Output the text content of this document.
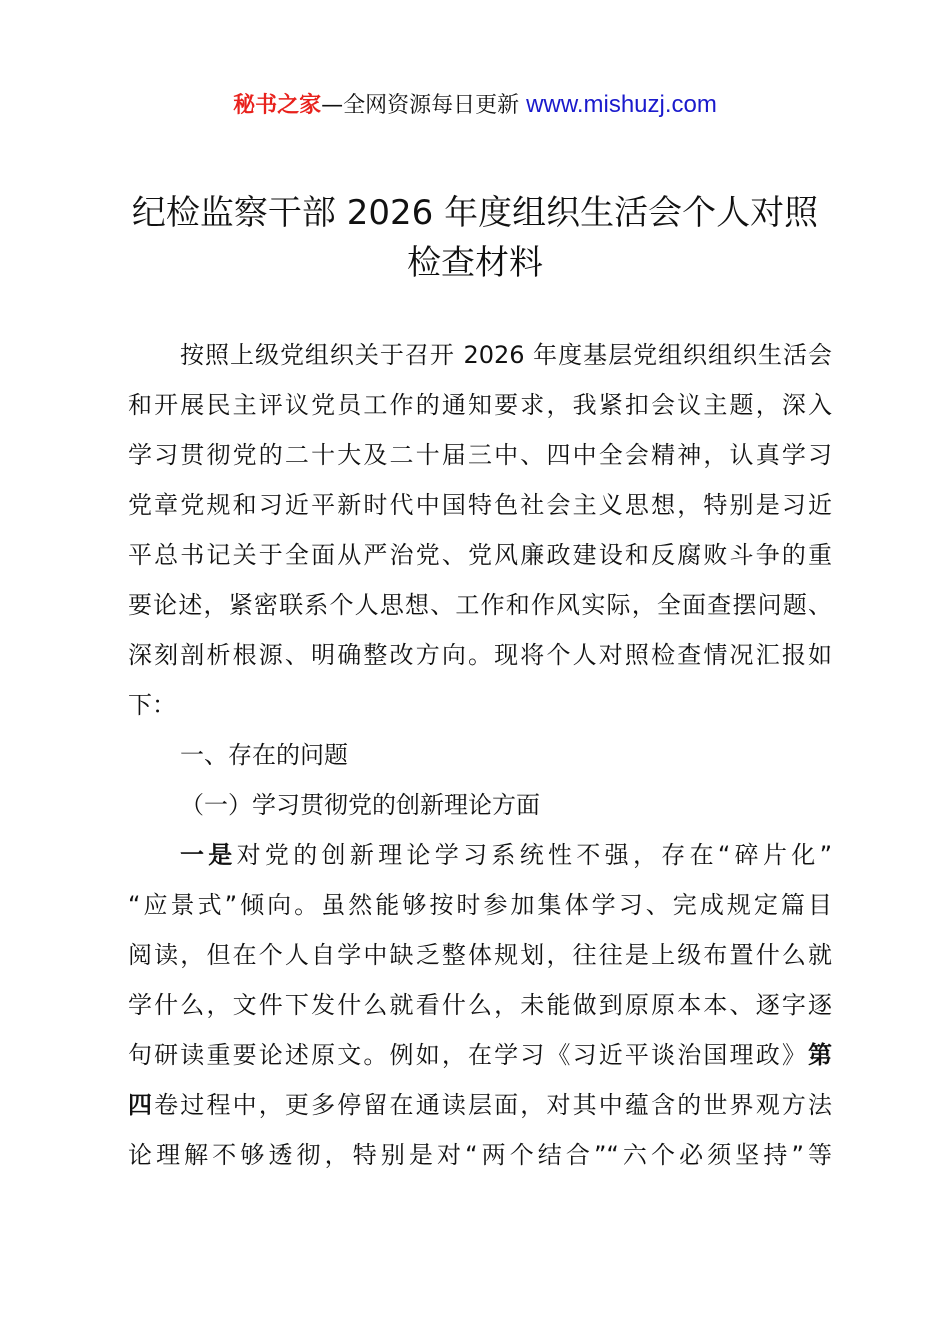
秘书之家—全网资源每日更新 www.mishuzj.com
纪检监察干部 2026 年度组织生活会个人对照
检查材料
按照上级党组织关于召开 2026 年度基层党组织组织生活会
和开展民主评议党员工作的通知要求，我紧扣会议主题，深入
学习贯彻党的二十大及二十届三中、四中全会精神，认真学习
党章党规和习近平新时代中国特色社会主义思想，特别是习近
平总书记关于全面从严治党、党风廉政建设和反腐败斗争的重
要论述，紧密联系个人思想、工作和作风实际，全面查摆问题、
深刻剖析根源、明确整改方向。现将个人对照检查情况汇报如
下：
一、存在的问题
（一）学习贯彻党的创新理论方面
一是对党的创新理论学习系统性不强，存在“碎片化”
“应景式”倾向。虽然能够按时参加集体学习、完成规定篇目
阅读，但在个人自学中缺乏整体规划，往往是上级布置什么就
学什么，文件下发什么就看什么，未能做到原原本本、逐字逐
句研读重要论述原文。例如，在学习《习近平谈治国理政》第
四卷过程中，更多停留在通读层面，对其中蕴含的世界观方法
论理解不够透彻，特别是对“两个结合”“六个必须坚持”等
